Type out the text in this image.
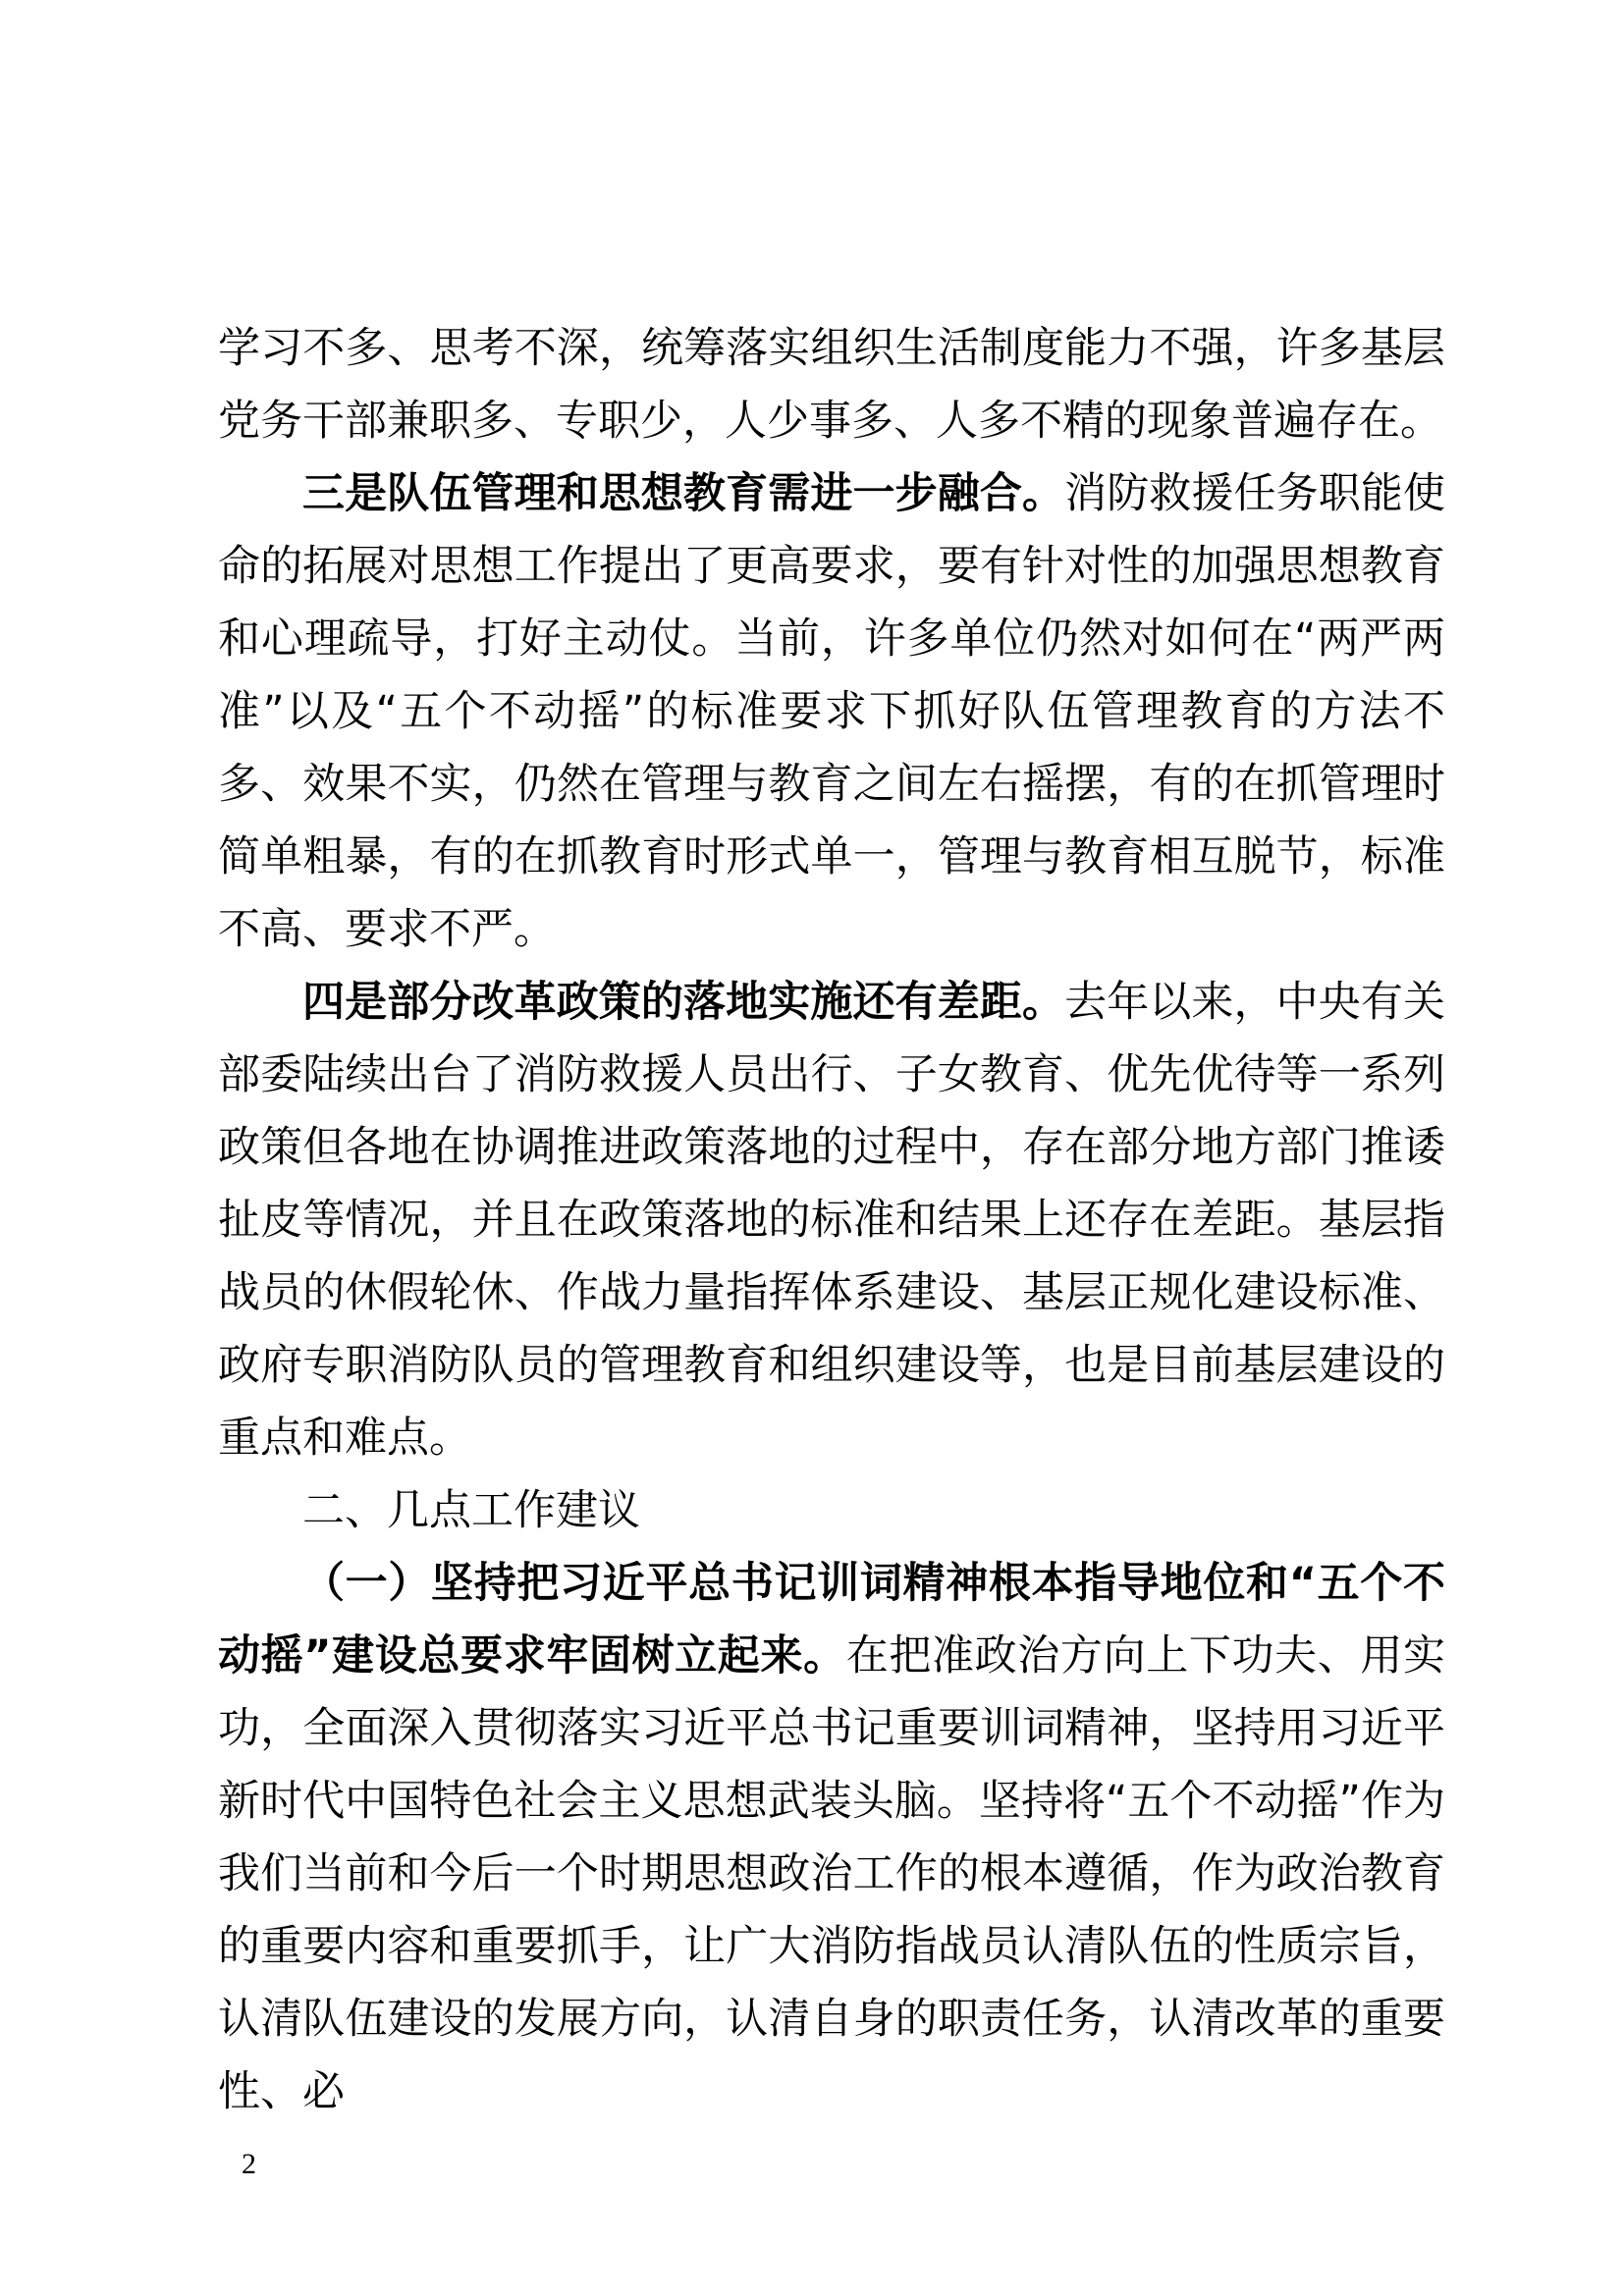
学习不多、思考不深，统筹落实组织生活制度能力不强，许多基层党务干部兼职多、专职少，人少事多、人多不精的现象普遍存在。

三是队伍管理和思想教育需进一步融合。消防救援任务职能使命的拓展对思想工作提出了更高要求，要有针对性的加强思想教育和心理疏导，打好主动仗。当前，许多单位仍然对如何在“两严两准”以及“五个不动摇”的标准要求下抓好队伍管理教育的方法不多、效果不实，仍然在管理与教育之间左右摇摆，有的在抓管理时简单粗暴，有的在抓教育时形式单一，管理与教育相互脱节，标准不高、要求不严。

四是部分改革政策的落地实施还有差距。去年以来，中央有关部委陆续出台了消防救援人员出行、子女教育、优先优待等一系列政策但各地在协调推进政策落地的过程中，存在部分地方部门推诿扯皮等情况，并且在政策落地的标准和结果上还存在差距。基层指战员的休假轮休、作战力量指挥体系建设、基层正规化建设标准、政府专职消防队员的管理教育和组织建设等，也是目前基层建设的重点和难点。

二、几点工作建议

（一）坚持把习近平总书记训词精神根本指导地位和“五个不动摇”建设总要求牢固树立起来。在把准政治方向上下功夫、用实功，全面深入贯彻落实习近平总书记重要训词精神，坚持用习近平新时代中国特色社会主义思想武装头脑。坚持将“五个不动摇”作为我们当前和今后一个时期思想政治工作的根本遵循，作为政治教育的重要内容和重要抓手，让广大消防指战员认清队伍的性质宗旨，认清队伍建设的发展方向，认清自身的职责任务，认清改革的重要性、必

2
